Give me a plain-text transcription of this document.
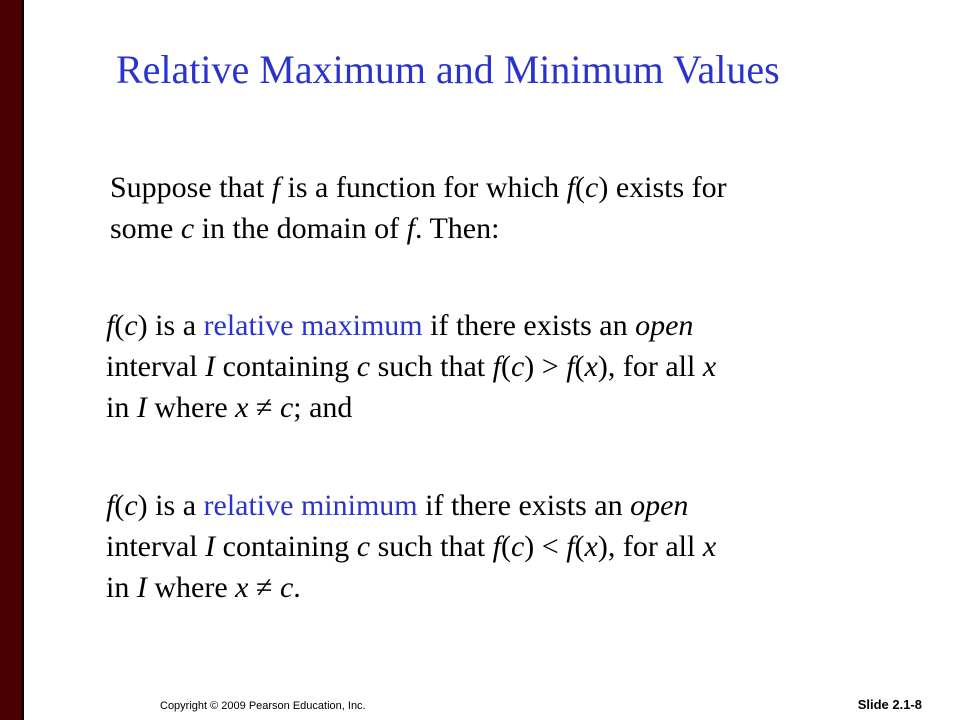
Relative Maximum and Minimum Values

Suppose that f is a function for which f(c) exists for
some c in the domain of f. Then:

f(c) is a relative maximum if there exists an open
interval I containing c such that f(c) > f(x), for all x
in I where x ≠ c; and

f(c) is a relative minimum if there exists an open
interval I containing c such that f(c) < f(x), for all x
in I where x ≠ c.

Copyright © 2009 Pearson Education, Inc.	Slide 2.1-8
